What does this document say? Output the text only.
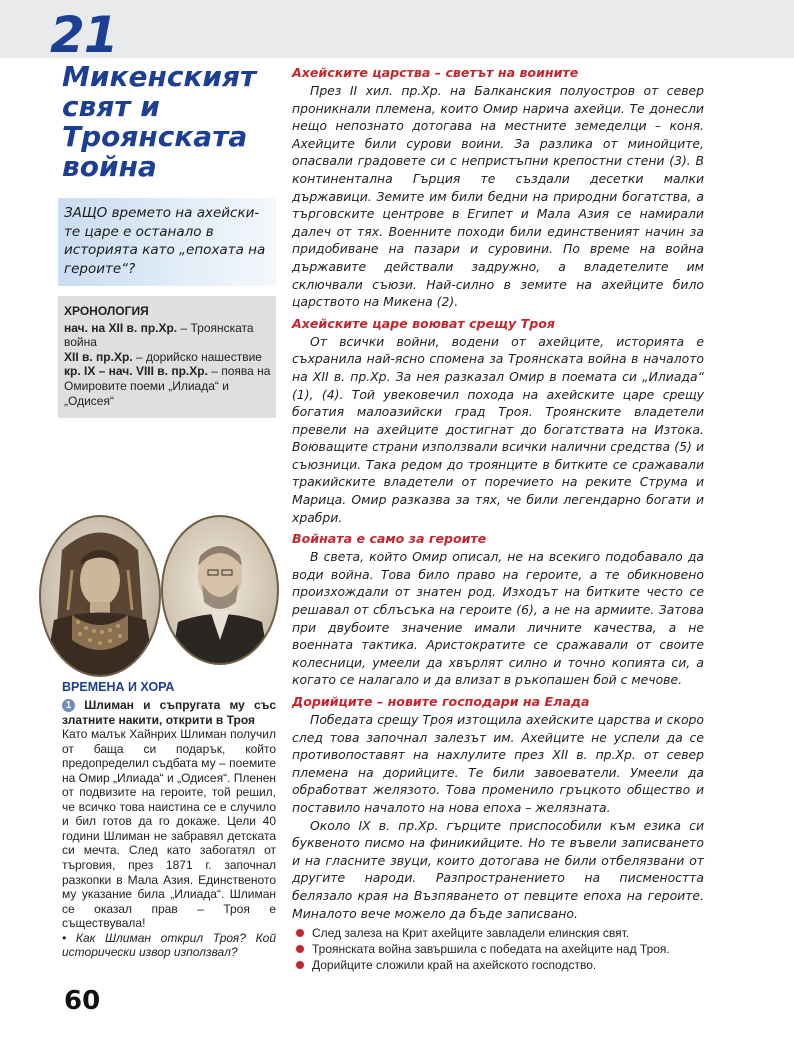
21
Микенският свят и Троянската война
ЗАЩО времето на ахейски-те царе е останало в историята като „епохата на героите“?
ХРОНОЛОГИЯ
нач. на XII в. пр.Хр. – Троянската война
XII в. пр.Хр. – дорийско нашествие
кр. IX – нач. VIII в. пр.Хр. – поява на Омировите поеми „Илиада“ и „Одисея“
ВРЕМЕНА И ХОРА
1 Шлиман и съпругата му със златните накити, открити в Троя
Като малък Хайнрих Шлиман получил от баща си подарък, който предопределил съдбата му – поемите на Омир „Илиада“ и „Одисея“. Пленен от подвизите на героите, той решил, че всичко това наистина се е случило и бил готов да го докаже. Цели 40 години Шлиман не забравял детската си мечта. След като забогатял от търговия, през 1871 г. започнал разкопки в Мала Азия. Единственото му указание била „Илиада“. Шлиман се оказал прав – Троя е съществувала!
• Как Шлиман открил Троя? Кой исторически извор използвал?
60
Ахейските царства – светът на воините

През II хил. пр.Хр. на Балканския полуостров от север проникнали племена, които Омир нарича ахейци. Те донесли нещо непознато дотогава на местните земеделци – коня. Ахейците били сурови воини. За разлика от минойците, опасвали градовете си с непристъпни крепостни стени (3). В континентална Гърция те създали десетки малки държавици. Земите им били бедни на природни богатства, а търговските центрове в Египет и Мала Азия се намирали далеч от тях. Военните походи били единственият начин за придобиване на пазари и суровини. По време на война държавите действали задружно, а владетелите им сключвали съюзи. Най-силно в земите на ахейците било царството на Микена (2).

Ахейските царе воюват срещу Троя

От всички войни, водени от ахейците, историята е съхранила най-ясно спомена за Троянската война в началото на XII в. пр.Хр. За нея разказал Омир в поемата си „Илиада“ (1), (4). Той увековечил похода на ахейските царе срещу богатия малоазийски град Троя. Троянските владетели превели на ахейците достигнат до богатствата на Изтока. Воюващите страни използвали всички налични средства (5) и съюзници. Така редом до троянците в битките се сражавали тракийските владетели от поречието на реките Струма и Марица. Омир разказва за тях, че били легендарно богати и храбри.

Войната е само за героите

В света, който Омир описал, не на всекиго подобавало да води война. Това било право на героите, а те обикновено произхождали от знатен род. Изходът на битките често се решавал от сблъсъка на героите (6), а не на армиите. Затова при двубоите значение имали личните качества, а не военната тактика. Аристократите се сражавали от своите колесници, умеели да хвърлят силно и точно копията си, а когато се налагало и да влизат в ръкопашен бой с мечове.

Дорийците – новите господари на Елада

Победата срещу Троя изтощила ахейските царства и скоро след това започнал залезът им. Ахейците не успели да се противопоставят на нахлулите през XII в. пр.Хр. от север племена на дорийците. Те били завоеватели. Умеели да обработват желязото. Това променило гръцкото общество и поставило началото на нова епоха – желязната.

Около IX в. пр.Хр. гърците приспособили към езика си буквеното писмо на финикийците. Но те въвели записването и на гласните звуци, които дотогава не били отбелязвани от другите народи. Разпространението на писмеността белязало края на Възпяването от певците епоха на героите. Миналото вече можело да бъде записвано.

След залеза на Крит ахейците завладели елинския свят.
Троянската война завършила с победата на ахейците над Троя.
Дорийците сложили край на ахейското господство.
